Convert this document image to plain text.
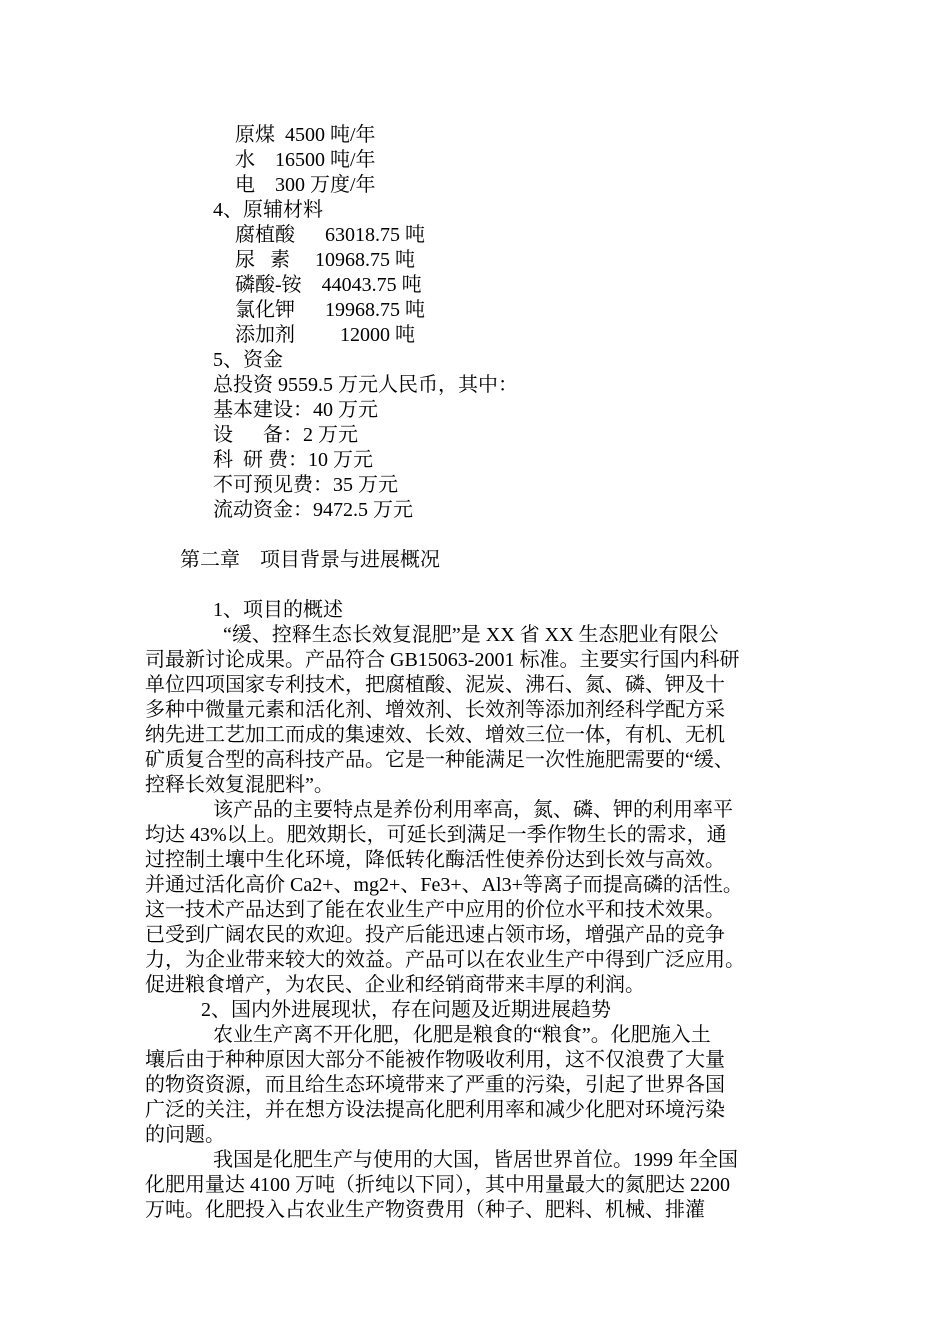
原煤  4500 吨/年
水    16500 吨/年
电    300 万度/年
4、原辅材料
腐植酸      63018.75 吨
尿   素     10968.75 吨
磷酸-铵    44043.75 吨
氯化钾      19968.75 吨
添加剂         12000 吨
5、资金
总投资 9559.5 万元人民币，其中：
基本建设：40 万元
设      备：2 万元
科  研 费：10 万元
不可预见费：35 万元
流动资金：9472.5 万元
第二章    项目背景与进展概况
1、项目的概述
“缓、控释生态长效复混肥”是 XX 省 XX 生态肥业有限公
司最新讨论成果。产品符合 GB15063-2001 标准。主要实行国内科研
单位四项国家专利技术，把腐植酸、泥炭、沸石、氮、磷、钾及十
多种中微量元素和活化剂、增效剂、长效剂等添加剂经科学配方采
纳先进工艺加工而成的集速效、长效、增效三位一体，有机、无机
矿质复合型的高科技产品。它是一种能满足一次性施肥需要的“缓、
控释长效复混肥料”。
该产品的主要特点是养份利用率高，氮、磷、钾的利用率平
均达 43%以上。肥效期长，可延长到满足一季作物生长的需求，通
过控制土壤中生化环境，降低转化酶活性使养份达到长效与高效。
并通过活化高价 Ca2+、mg2+、Fe3+、Al3+等离子而提高磷的活性。
这一技术产品达到了能在农业生产中应用的价位水平和技术效果。
已受到广阔农民的欢迎。投产后能迅速占领市场，增强产品的竞争
力，为企业带来较大的效益。产品可以在农业生产中得到广泛应用。
促进粮食增产，为农民、企业和经销商带来丰厚的利润。
2、国内外进展现状，存在问题及近期进展趋势
农业生产离不开化肥，化肥是粮食的“粮食”。化肥施入土
壤后由于种种原因大部分不能被作物吸收利用，这不仅浪费了大量
的物资资源，而且给生态环境带来了严重的污染，引起了世界各国
广泛的关注，并在想方设法提高化肥利用率和减少化肥对环境污染
的问题。
我国是化肥生产与使用的大国，皆居世界首位。1999 年全国
化肥用量达 4100 万吨（折纯以下同），其中用量最大的氮肥达 2200
万吨。化肥投入占农业生产物资费用（种子、肥料、机械、排灌
